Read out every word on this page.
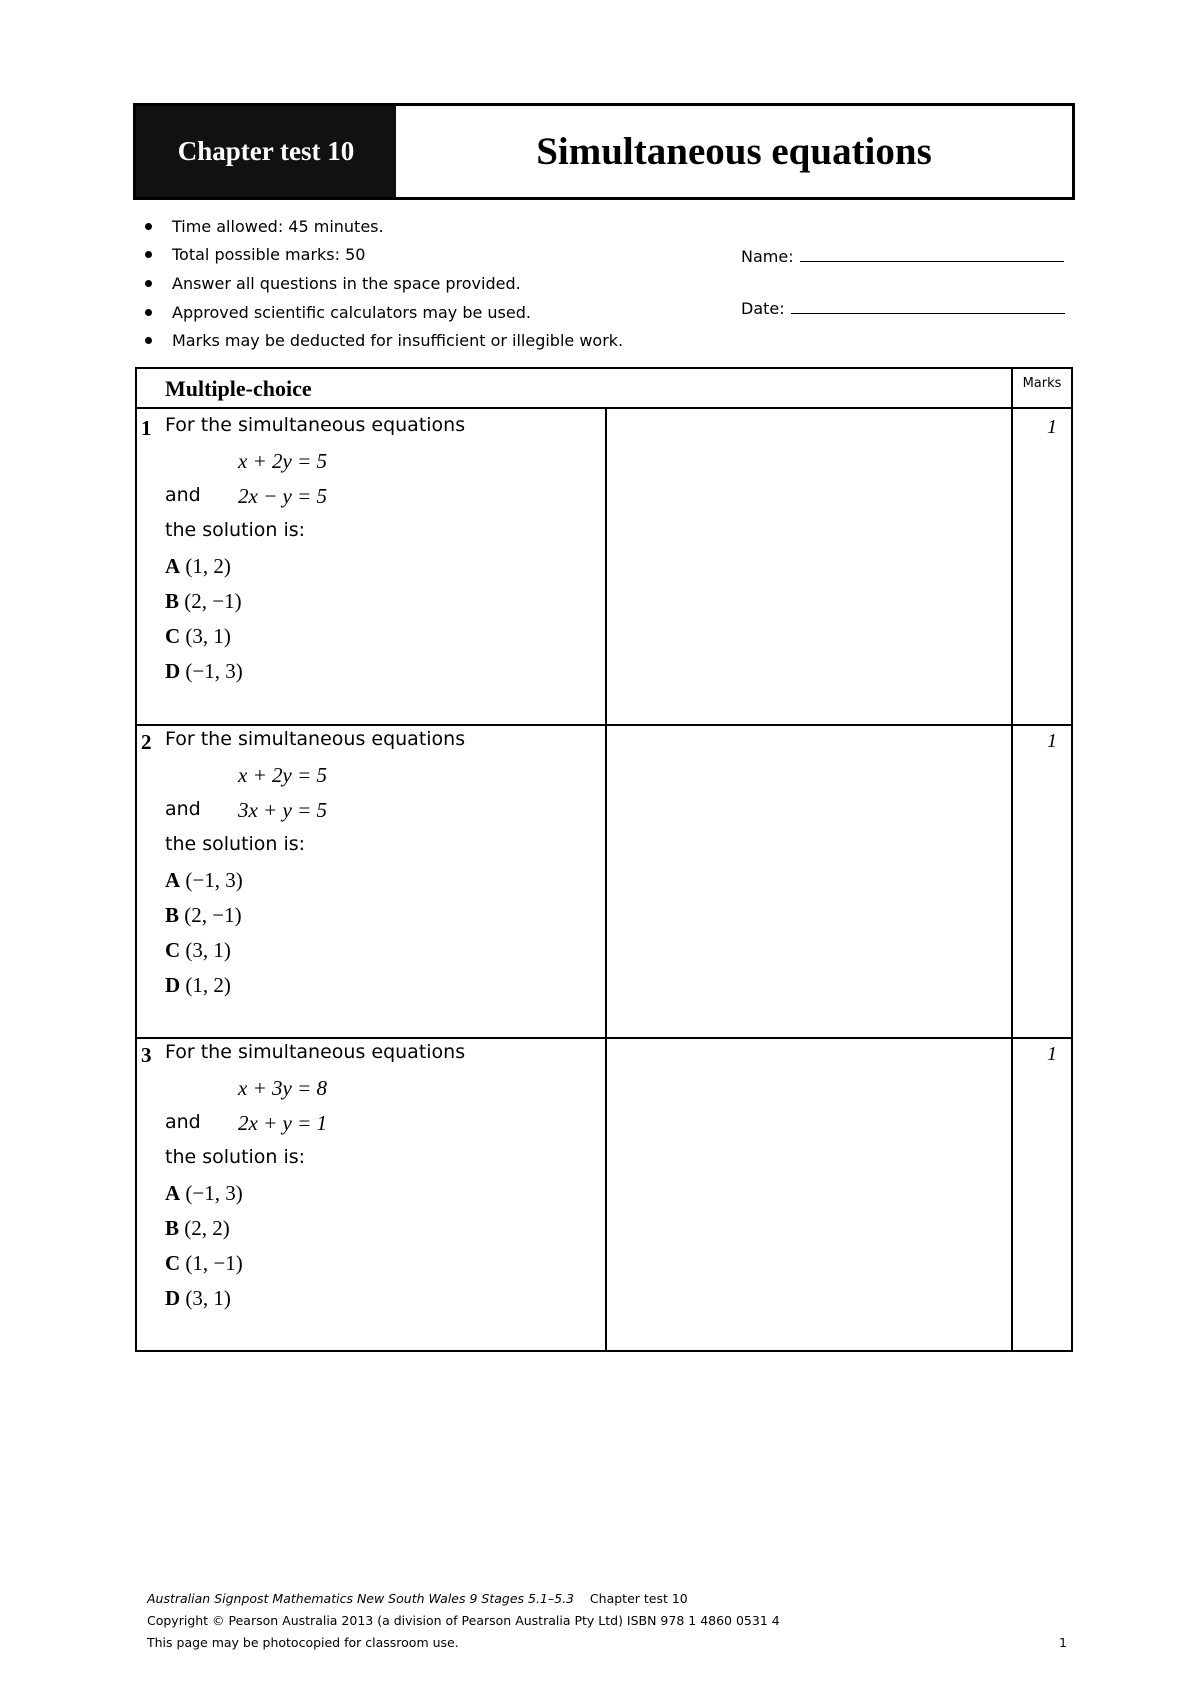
Chapter test 10	Simultaneous equations
Time allowed: 45 minutes.
Total possible marks: 50
Answer all questions in the space provided.
Approved scientific calculators may be used.
Marks may be deducted for insufficient or illegible work.
Name:
Date:
Multiple-choice	Marks
1 For the simultaneous equations
x + 2y = 5
and 2x − y = 5
the solution is:
A (1, 2)
B (2, −1)
C (3, 1)
D (−1, 3)
1
2 For the simultaneous equations
x + 2y = 5
and 3x + y = 5
the solution is:
A (−1, 3)
B (2, −1)
C (3, 1)
D (1, 2)
1
3 For the simultaneous equations
x + 3y = 8
and 2x + y = 1
the solution is:
A (−1, 3)
B (2, 2)
C (1, −1)
D (3, 1)
1
Australian Signpost Mathematics New South Wales 9 Stages 5.1–5.3 Chapter test 10
Copyright © Pearson Australia 2013 (a division of Pearson Australia Pty Ltd) ISBN 978 1 4860 0531 4
This page may be photocopied for classroom use.	1
